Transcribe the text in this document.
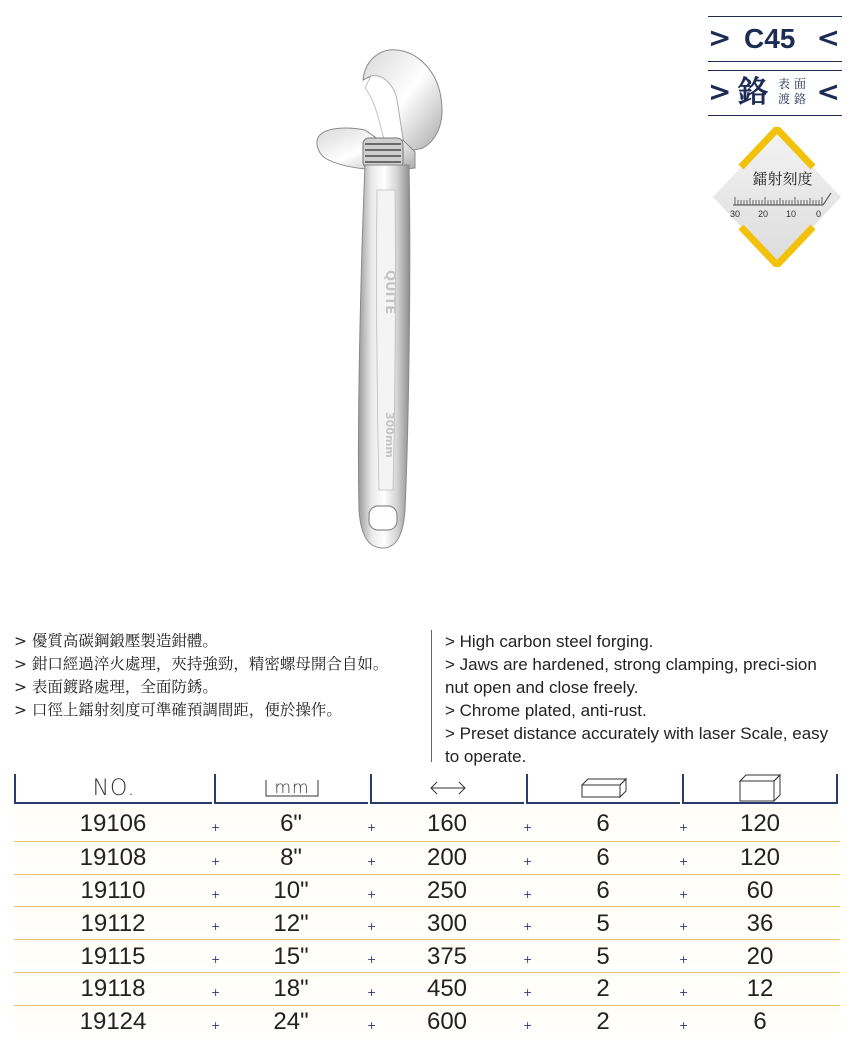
> C45 <
> 鉻 表面
渡鉻 <
鐳射刻度
30 20 10 0
QUITE
300mm
> 優質高碳鋼鍛壓製造鉗體。
> 鉗口經過淬火處理，夾持強勁，精密螺母開合自如。
> 表面鍍路處理，全面防銹。
> 口徑上鐳射刻度可準確預調間距，便於操作。
> High carbon steel forging.
> Jaws are hardened, strong clamping, preci-sion nut open and close freely.
> Chrome plated, anti-rust.
> Preset distance accurately with laser Scale, easy to operate.
NO.	mm
19106	6"	160	6	120
+	+	+	+
19108	8"	200	6	120
+	+	+	+
19110	10"	250	6	60
+	+	+	+
19112	12"	300	5	36
+	+	+	+
19115	15"	375	5	20
+	+	+	+
19118	18"	450	2	12
+	+	+	+
19124	24"	600	2	6
+	+	+	+
